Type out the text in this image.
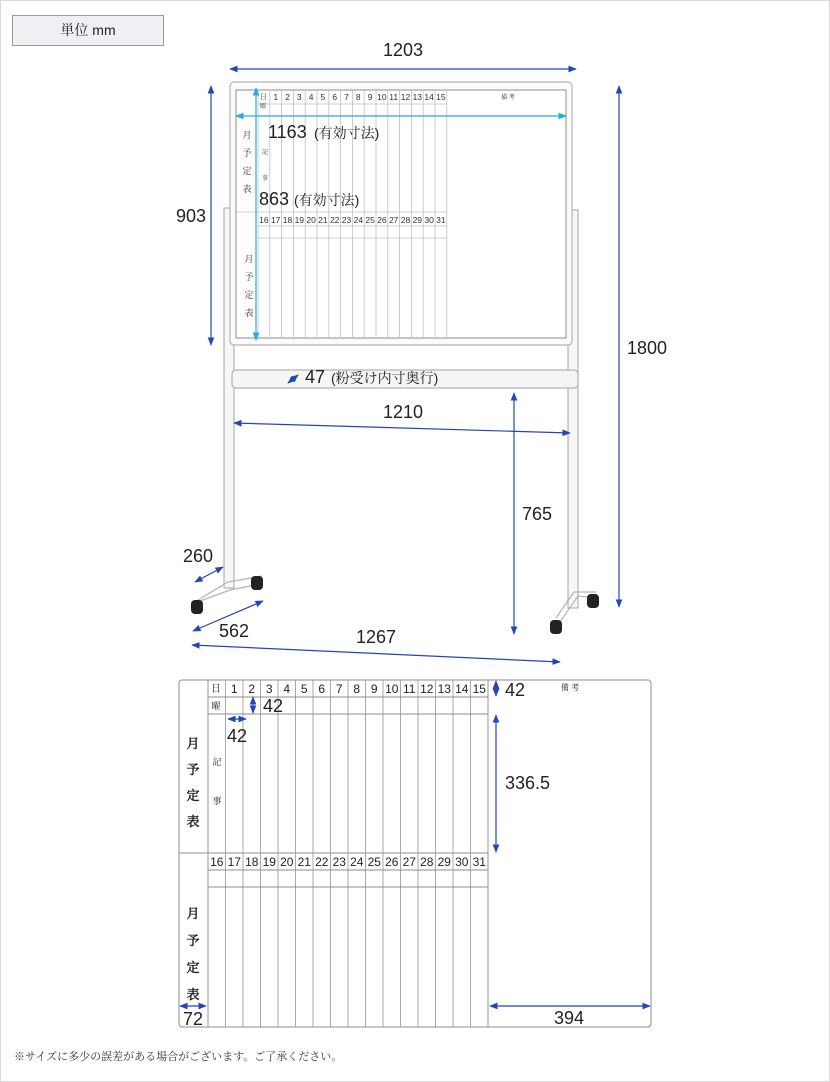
単位 mm
日
曜
1 2 3 4 5 6 7 8 9 10 11 12 13 14 15
16 17 18 19 20 21 22 23 24 25 26 27 28 29 30 31
備 考
記
事
月
予
定
表
月
予
定
表
1203
903
1800
1163 (有効寸法)
863 (有効寸法)
47 (粉受け内寸奥行)
1210
765
260
562	1267
日
曜
1 2 3 4 5 6 7 8 9 10 11 12 13 14 15
16 17 18 19 20 21 22 23 24 25 26 27 28 29 30 31
記
事
備 考
月
予
定
表
月
予
定
表
42
42
42
336.5
72	394
※サイズに多少の誤差がある場合がございます。ご了承ください。
